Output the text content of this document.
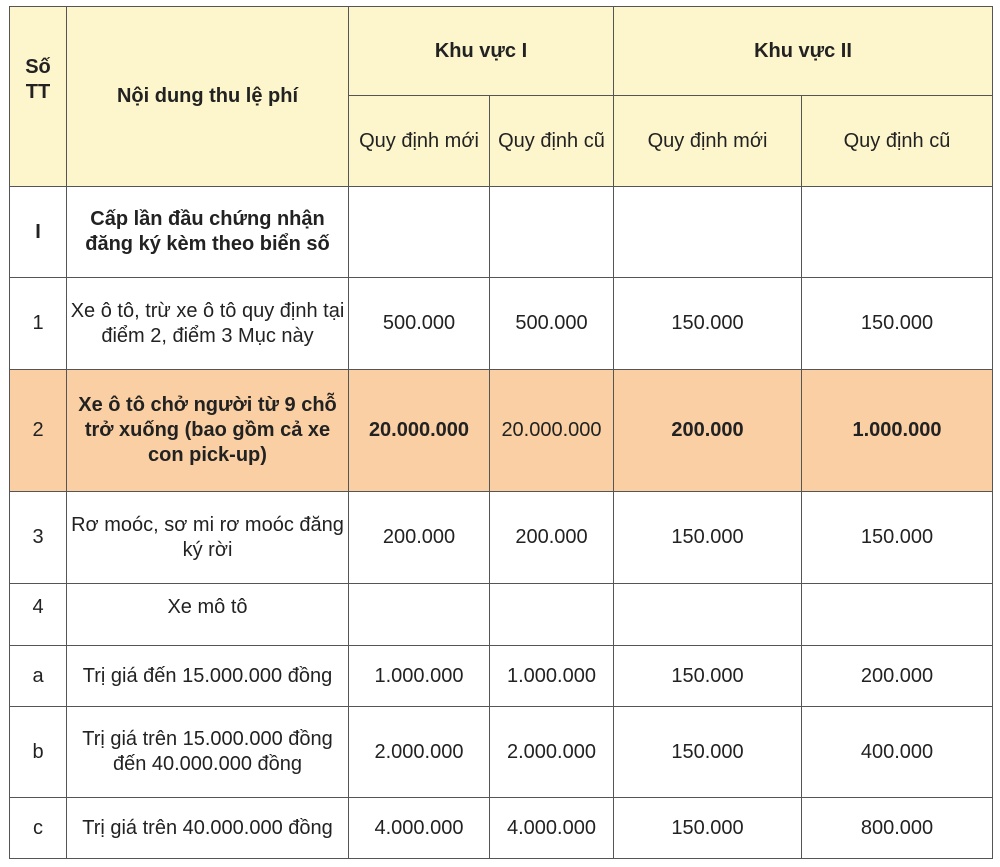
Số TT	Nội dung thu lệ phí	Khu vực I		Khu vực II	
		Quy định mới	Quy định cũ	Quy định mới	Quy định cũ
I	Cấp lần đầu chứng nhận đăng ký kèm theo biển số				
1	Xe ô tô, trừ xe ô tô quy định tại điểm 2, điểm 3 Mục này	500.000	500.000	150.000	150.000
2	Xe ô tô chở người từ 9 chỗ trở xuống (bao gồm cả xe con pick-up)	20.000.000	20.000.000	200.000	1.000.000
3	Rơ moóc, sơ mi rơ moóc đăng ký rời	200.000	200.000	150.000	150.000
4	Xe mô tô				
a	Trị giá đến 15.000.000 đồng	1.000.000	1.000.000	150.000	200.000
b	Trị giá trên 15.000.000 đồng đến 40.000.000 đồng	2.000.000	2.000.000	150.000	400.000
c	Trị giá trên 40.000.000 đồng	4.000.000	4.000.000	150.000	800.000
